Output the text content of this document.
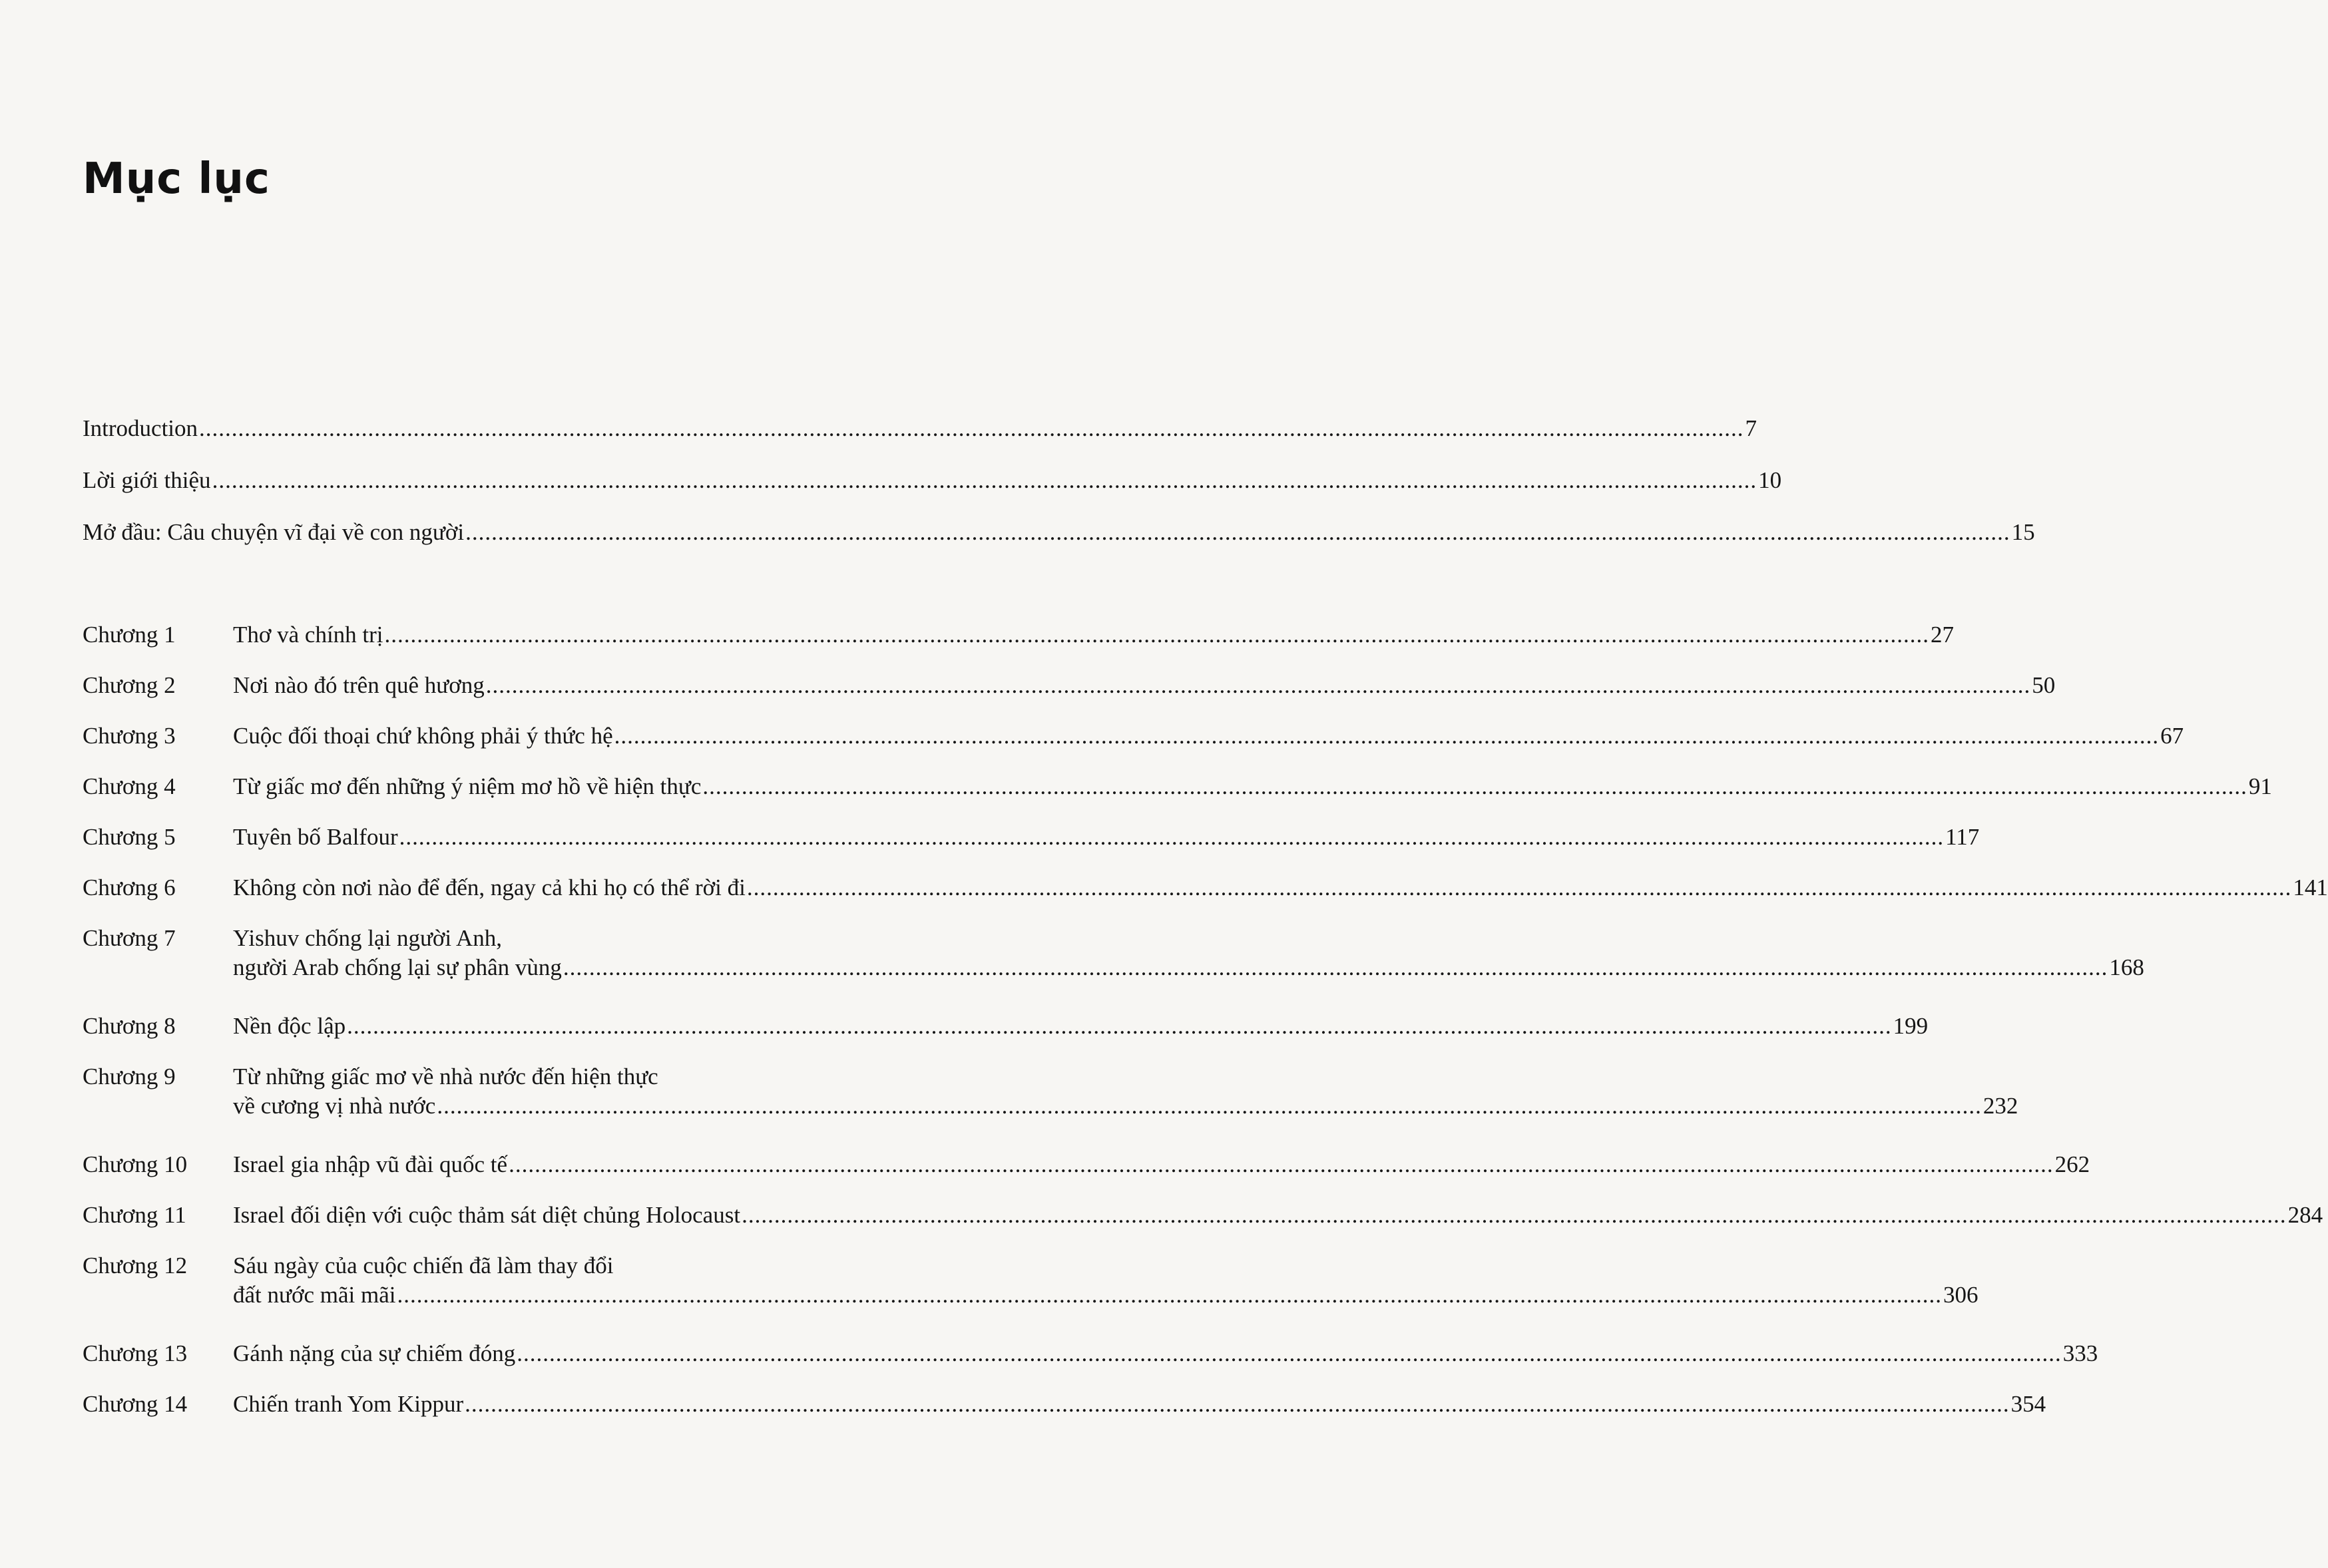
Mục lục
Introduction .....	7
Lời giới thiệu .....	10
Mở đầu: Câu chuyện vĩ đại về con người .....	15
Chương 1	Thơ và chính trị .....	27
Chương 2	Nơi nào đó trên quê hương .....	50
Chương 3	Cuộc đối thoại chứ không phải ý thức hệ .....	67
Chương 4	Từ giấc mơ đến những ý niệm mơ hồ về hiện thực .....	91
Chương 5	Tuyên bố Balfour .....	117
Chương 6	Không còn nơi nào để đến, ngay cả khi họ có thể rời đi .....	141
Chương 7	Yishuv chống lại người Anh,
người Arab chống lại sự phân vùng .....	168
Chương 8	Nền độc lập .....	199
Chương 9	Từ những giấc mơ về nhà nước đến hiện thực
về cương vị nhà nước .....	232
Chương 10	Israel gia nhập vũ đài quốc tế .....	262
Chương 11	Israel đối diện với cuộc thảm sát diệt chủng Holocaust .....	284
Chương 12	Sáu ngày của cuộc chiến đã làm thay đổi
đất nước mãi mãi .....	306
Chương 13	Gánh nặng của sự chiếm đóng .....	333
Chương 14	Chiến tranh Yom Kippur .....	354
